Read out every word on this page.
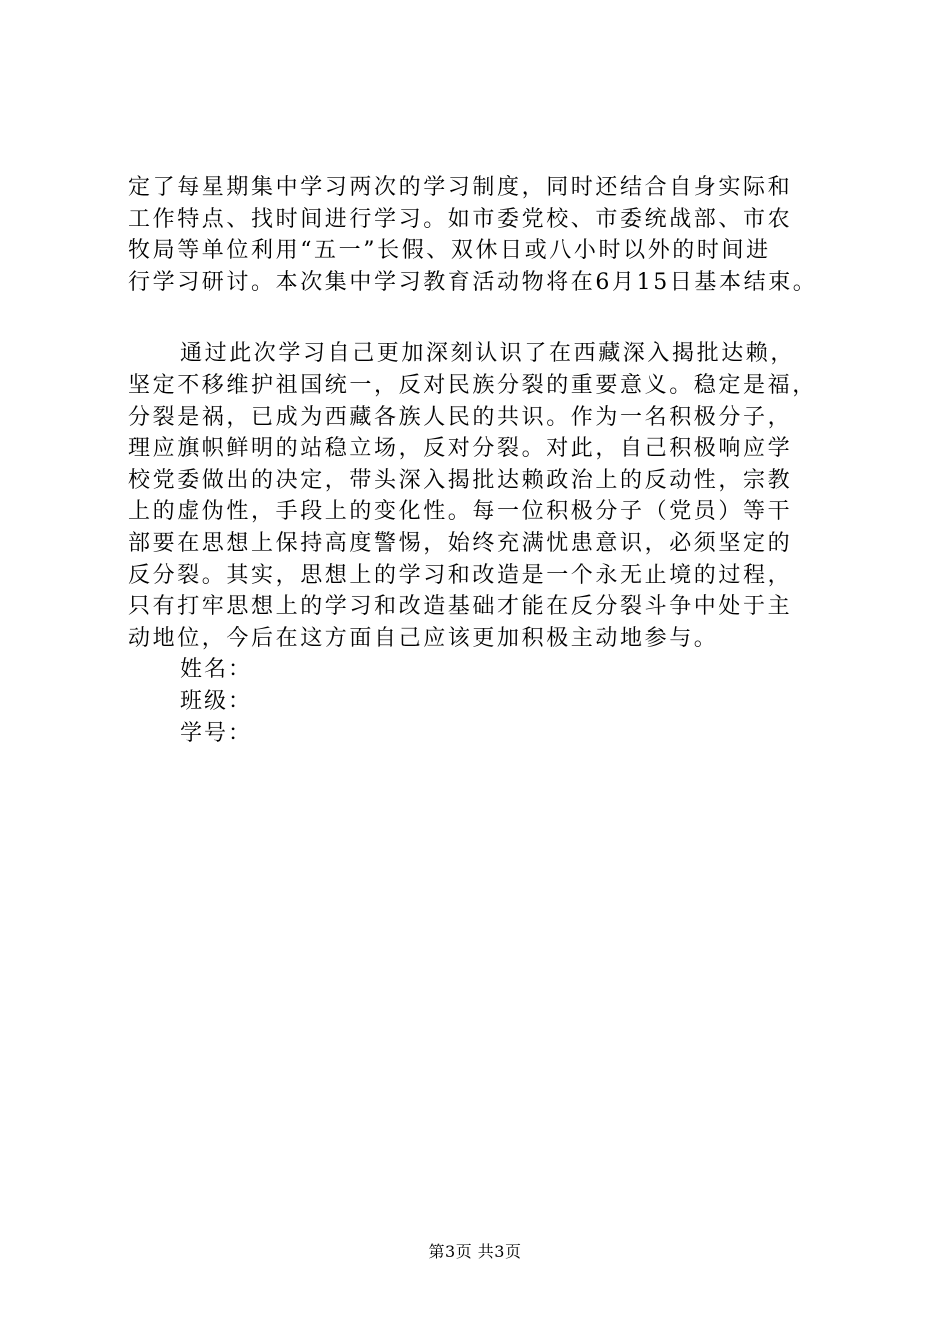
定了每星期集中学习两次的学习制度，同时还结合自身实际和
工作特点、找时间进行学习。如市委党校、市委统战部、市农
牧局等单位利用“五一”长假、双休日或八小时以外的时间进
行学习研讨。本次集中学习教育活动物将在6月15日基本结束。
通过此次学习自己更加深刻认识了在西藏深入揭批达赖，
坚定不移维护祖国统一，反对民族分裂的重要意义。稳定是福，
分裂是祸，已成为西藏各族人民的共识。作为一名积极分子，
理应旗帜鲜明的站稳立场，反对分裂。对此，自己积极响应学
校党委做出的决定，带头深入揭批达赖政治上的反动性，宗教
上的虚伪性，手段上的变化性。每一位积极分子（党员）等干
部要在思想上保持高度警惕，始终充满忧患意识，必须坚定的
反分裂。其实，思想上的学习和改造是一个永无止境的过程，
只有打牢思想上的学习和改造基础才能在反分裂斗争中处于主
动地位，今后在这方面自己应该更加积极主动地参与。
姓名：
班级：
学号：
第3页 共3页
